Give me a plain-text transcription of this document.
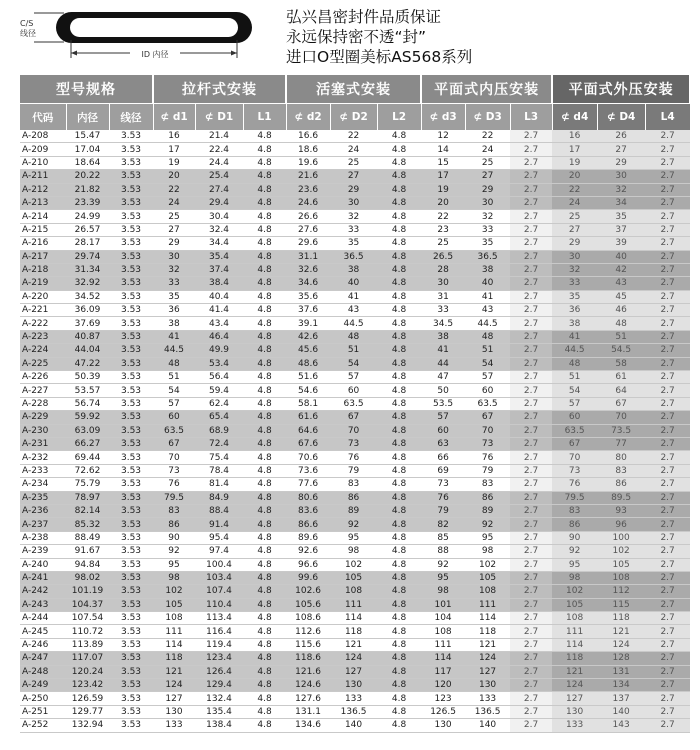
C/S
线径
ID 内径
弘兴昌密封件品质保证
永远保持密不透“封”
进口O型圈美标AS568系列
型号规格			拉杆式安装			活塞式安装			平面式内压安装			平面式外压安装		
代码	内径	线径	⊄ d1	⊄ D1	L1	⊄ d2	⊄ D2	L2	⊄ d3	⊄ D3	L3	⊄ d4	⊄ D4	L4
A-208	15.47	3.53	16	21.4	4.8	16.6	22	4.8	12	22	2.7	16	26	2.7
A-209	17.04	3.53	17	22.4	4.8	18.6	24	4.8	14	24	2.7	17	27	2.7
A-210	18.64	3.53	19	24.4	4.8	19.6	25	4.8	15	25	2.7	19	29	2.7
A-211	20.22	3.53	20	25.4	4.8	21.6	27	4.8	17	27	2.7	20	30	2.7
A-212	21.82	3.53	22	27.4	4.8	23.6	29	4.8	19	29	2.7	22	32	2.7
A-213	23.39	3.53	24	29.4	4.8	24.6	30	4.8	20	30	2.7	24	34	2.7
A-214	24.99	3.53	25	30.4	4.8	26.6	32	4.8	22	32	2.7	25	35	2.7
A-215	26.57	3.53	27	32.4	4.8	27.6	33	4.8	23	33	2.7	27	37	2.7
A-216	28.17	3.53	29	34.4	4.8	29.6	35	4.8	25	35	2.7	29	39	2.7
A-217	29.74	3.53	30	35.4	4.8	31.1	36.5	4.8	26.5	36.5	2.7	30	40	2.7
A-218	31.34	3.53	32	37.4	4.8	32.6	38	4.8	28	38	2.7	32	42	2.7
A-219	32.92	3.53	33	38.4	4.8	34.6	40	4.8	30	40	2.7	33	43	2.7
A-220	34.52	3.53	35	40.4	4.8	35.6	41	4.8	31	41	2.7	35	45	2.7
A-221	36.09	3.53	36	41.4	4.8	37.6	43	4.8	33	43	2.7	36	46	2.7
A-222	37.69	3.53	38	43.4	4.8	39.1	44.5	4.8	34.5	44.5	2.7	38	48	2.7
A-223	40.87	3.53	41	46.4	4.8	42.6	48	4.8	38	48	2.7	41	51	2.7
A-224	44.04	3.53	44.5	49.9	4.8	45.6	51	4.8	41	51	2.7	44.5	54.5	2.7
A-225	47.22	3.53	48	53.4	4.8	48.6	54	4.8	44	54	2.7	48	58	2.7
A-226	50.39	3.53	51	56.4	4.8	51.6	57	4.8	47	57	2.7	51	61	2.7
A-227	53.57	3.53	54	59.4	4.8	54.6	60	4.8	50	60	2.7	54	64	2.7
A-228	56.74	3.53	57	62.4	4.8	58.1	63.5	4.8	53.5	63.5	2.7	57	67	2.7
A-229	59.92	3.53	60	65.4	4.8	61.6	67	4.8	57	67	2.7	60	70	2.7
A-230	63.09	3.53	63.5	68.9	4.8	64.6	70	4.8	60	70	2.7	63.5	73.5	2.7
A-231	66.27	3.53	67	72.4	4.8	67.6	73	4.8	63	73	2.7	67	77	2.7
A-232	69.44	3.53	70	75.4	4.8	70.6	76	4.8	66	76	2.7	70	80	2.7
A-233	72.62	3.53	73	78.4	4.8	73.6	79	4.8	69	79	2.7	73	83	2.7
A-234	75.79	3.53	76	81.4	4.8	77.6	83	4.8	73	83	2.7	76	86	2.7
A-235	78.97	3.53	79.5	84.9	4.8	80.6	86	4.8	76	86	2.7	79.5	89.5	2.7
A-236	82.14	3.53	83	88.4	4.8	83.6	89	4.8	79	89	2.7	83	93	2.7
A-237	85.32	3.53	86	91.4	4.8	86.6	92	4.8	82	92	2.7	86	96	2.7
A-238	88.49	3.53	90	95.4	4.8	89.6	95	4.8	85	95	2.7	90	100	2.7
A-239	91.67	3.53	92	97.4	4.8	92.6	98	4.8	88	98	2.7	92	102	2.7
A-240	94.84	3.53	95	100.4	4.8	96.6	102	4.8	92	102	2.7	95	105	2.7
A-241	98.02	3.53	98	103.4	4.8	99.6	105	4.8	95	105	2.7	98	108	2.7
A-242	101.19	3.53	102	107.4	4.8	102.6	108	4.8	98	108	2.7	102	112	2.7
A-243	104.37	3.53	105	110.4	4.8	105.6	111	4.8	101	111	2.7	105	115	2.7
A-244	107.54	3.53	108	113.4	4.8	108.6	114	4.8	104	114	2.7	108	118	2.7
A-245	110.72	3.53	111	116.4	4.8	112.6	118	4.8	108	118	2.7	111	121	2.7
A-246	113.89	3.53	114	119.4	4.8	115.6	121	4.8	111	121	2.7	114	124	2.7
A-247	117.07	3.53	118	123.4	4.8	118.6	124	4.8	114	124	2.7	118	128	2.7
A-248	120.24	3.53	121	126.4	4.8	121.6	127	4.8	117	127	2.7	121	131	2.7
A-249	123.42	3.53	124	129.4	4.8	124.6	130	4.8	120	130	2.7	124	134	2.7
A-250	126.59	3.53	127	132.4	4.8	127.6	133	4.8	123	133	2.7	127	137	2.7
A-251	129.77	3.53	130	135.4	4.8	131.1	136.5	4.8	126.5	136.5	2.7	130	140	2.7
A-252	132.94	3.53	133	138.4	4.8	134.6	140	4.8	130	140	2.7	133	143	2.7
